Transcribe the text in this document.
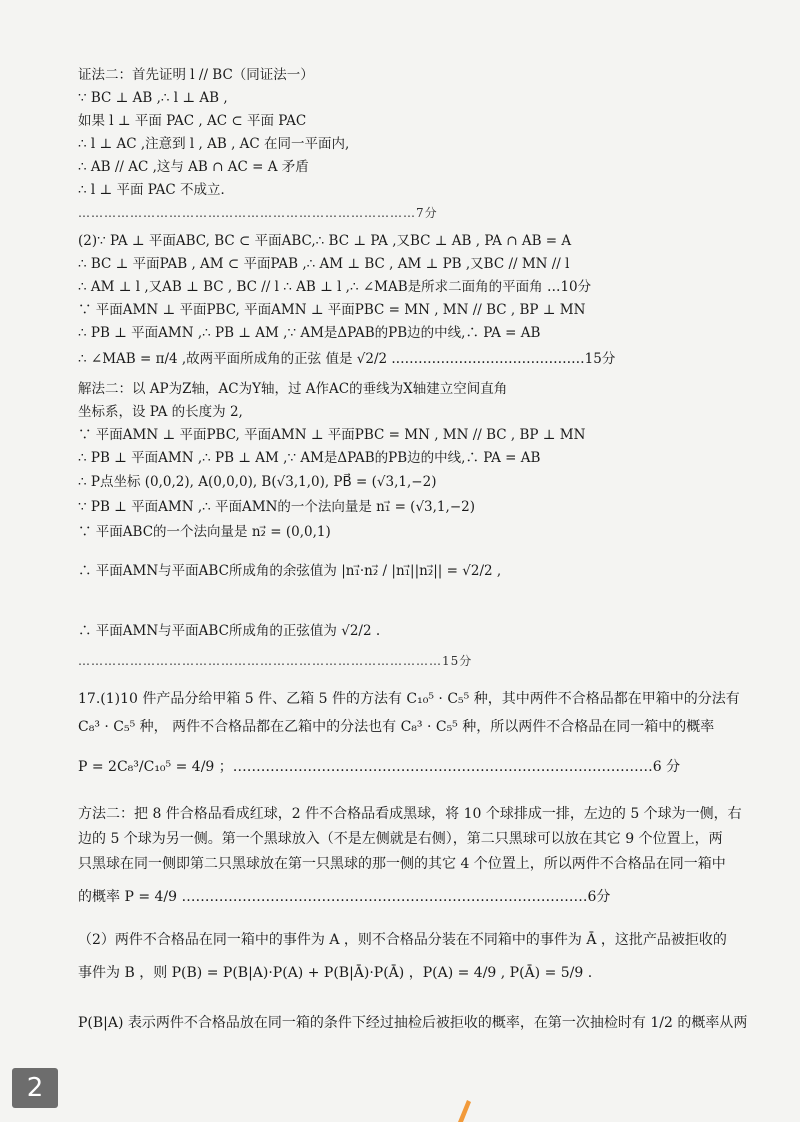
证法二：首先证明 l // BC（同证法一）
∵ BC ⊥ AB ,∴ l ⊥ AB ,
如果 l ⊥ 平面 PAC , AC ⊂ 平面 PAC
∴ l ⊥ AC ,注意到 l , AB , AC 在同一平面内,
∴ AB // AC ,这与 AB ∩ AC = A 矛盾
∴ l ⊥ 平面 PAC 不成立．
……………………………………………………………………7分
(2)∵ PA ⊥ 平面ABC, BC ⊂ 平面ABC,∴ BC ⊥ PA ,又BC ⊥ AB , PA ∩ AB = A
∴ BC ⊥ 平面PAB , AM ⊂ 平面PAB ,∴ AM ⊥ BC , AM ⊥ PB ,又BC // MN // l
∴ AM ⊥ l ,又AB ⊥ BC , BC // l ∴ AB ⊥ l ,∴ ∠MAB是所求二面角的平面角 …10分
∵ 平面AMN ⊥ 平面PBC, 平面AMN ⊥ 平面PBC = MN , MN // BC , BP ⊥ MN
∴ PB ⊥ 平面AMN ,∴ PB ⊥ AM ,∵ AM是ΔPAB的PB边的中线,∴ PA = AB
∴ ∠MAB = π/4 ,故两平面所成角的正弦 值是 √2/2 .……………………………………15分
解法二：以 AP为Z轴，AC为Y轴，过 A作AC的垂线为X轴建立空间直角
坐标系，设 PA 的长度为 2,
∵ 平面AMN ⊥ 平面PBC, 平面AMN ⊥ 平面PBC = MN , MN // BC , BP ⊥ MN
∴ PB ⊥ 平面AMN ,∴ PB ⊥ AM ,∵ AM是ΔPAB的PB边的中线,∴ PA = AB
∴ P点坐标 (0,0,2), A(0,0,0), B(√3,1,0), PB⃗ = (√3,1,−2)
∵ PB ⊥ 平面AMN ,∴ 平面AMN的一个法向量是 n₁⃗ = (√3,1,−2)
∵ 平面ABC的一个法向量是 n₂⃗ = (0,0,1)
∴ 平面AMN与平面ABC所成角的余弦值为 |n₁⃗·n₂⃗ / |n₁⃗||n₂⃗|| = √2/2 ,
∴ 平面AMN与平面ABC所成角的正弦值为 √2/2 .
…………………………………………………………………………15分
17.(1)10 件产品分给甲箱 5 件、乙箱 5 件的方法有 C₁₀⁵ · C₅⁵ 种，其中两件不合格品都在甲箱中的分法有
C₈³ · C₅⁵ 种， 两件不合格品都在乙箱中的分法也有 C₈³ · C₅⁵ 种，所以两件不合格品在同一箱中的概率
P = 2C₈³/C₁₀⁵ = 4/9 ；………………………………………………………………………………6 分
方法二：把 8 件合格品看成红球，2 件不合格品看成黑球，将 10 个球排成一排，左边的 5 个球为一侧，右
边的 5 个球为另一侧。第一个黑球放入（不是左侧就是右侧），第二只黑球可以放在其它 9 个位置上，两
只黑球在同一侧即第二只黑球放在第一只黑球的那一侧的其它 4 个位置上，所以两件不合格品在同一箱中
的概率 P = 4/9 ……………………………………………………………………………6分
（2）两件不合格品在同一箱中的事件为 A ，则不合格品分装在不同箱中的事件为 Ā ，这批产品被拒收的
事件为 B ，则 P(B) = P(B|A)·P(A) + P(B|Ā)·P(Ā) ，P(A) = 4/9 , P(Ā) = 5/9 .
P(B|A) 表示两件不合格品放在同一箱的条件下经过抽检后被拒收的概率，在第一次抽检时有 1/2 的概率从两
2
